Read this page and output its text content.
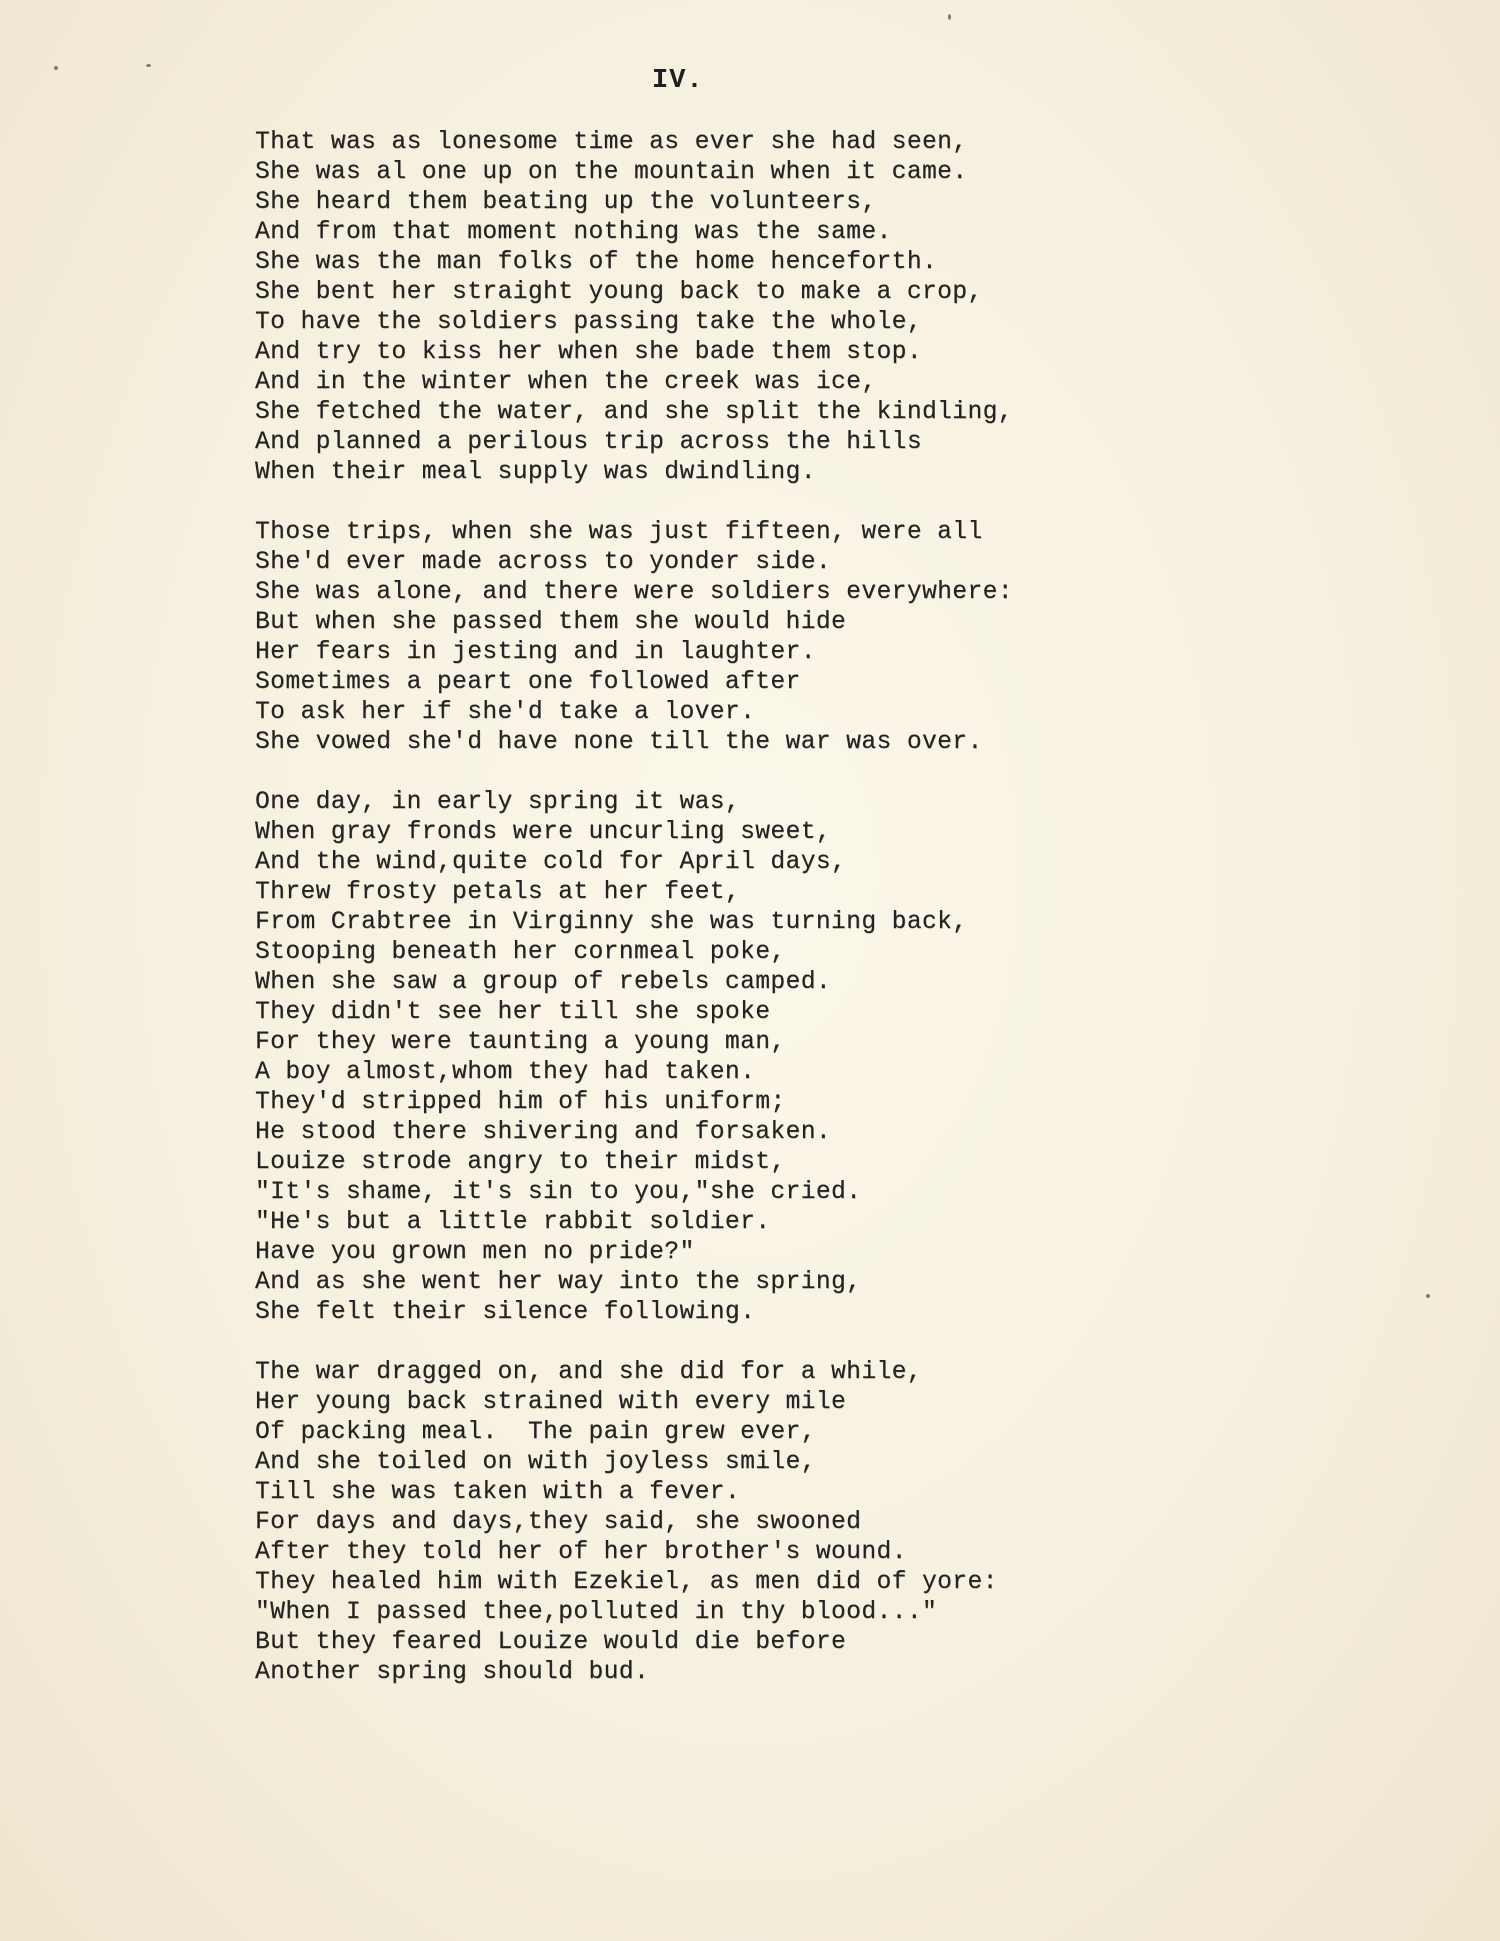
IV.
That was as lonesome time as ever she had seen,
She was al one up on the mountain when it came.
She heard them beating up the volunteers,
And from that moment nothing was the same.
She was the man folks of the home henceforth.
She bent her straight young back to make a crop,
To have the soldiers passing take the whole,
And try to kiss her when she bade them stop.
And in the winter when the creek was ice,
She fetched the water, and she split the kindling,
And planned a perilous trip across the hills
When their meal supply was dwindling.
Those trips, when she was just fifteen, were all
She'd ever made across to yonder side.
She was alone, and there were soldiers everywhere:
But when she passed them she would hide
Her fears in jesting and in laughter.
Sometimes a peart one followed after
To ask her if she'd take a lover.
She vowed she'd have none till the war was over.
One day, in early spring it was,
When gray fronds were uncurling sweet,
And the wind,quite cold for April days,
Threw frosty petals at her feet,
From Crabtree in Virginny she was turning back,
Stooping beneath her cornmeal poke,
When she saw a group of rebels camped.
They didn't see her till she spoke
For they were taunting a young man,
A boy almost,whom they had taken.
They'd stripped him of his uniform;
He stood there shivering and forsaken.
Louize strode angry to their midst,
"It's shame, it's sin to you,"she cried.
"He's but a little rabbit soldier.
Have you grown men no pride?"
And as she went her way into the spring,
She felt their silence following.
The war dragged on, and she did for a while,
Her young back strained with every mile
Of packing meal.  The pain grew ever,
And she toiled on with joyless smile,
Till she was taken with a fever.
For days and days,they said, she swooned
After they told her of her brother's wound.
They healed him with Ezekiel, as men did of yore:
"When I passed thee,polluted in thy blood..."
But they feared Louize would die before
Another spring should bud.
